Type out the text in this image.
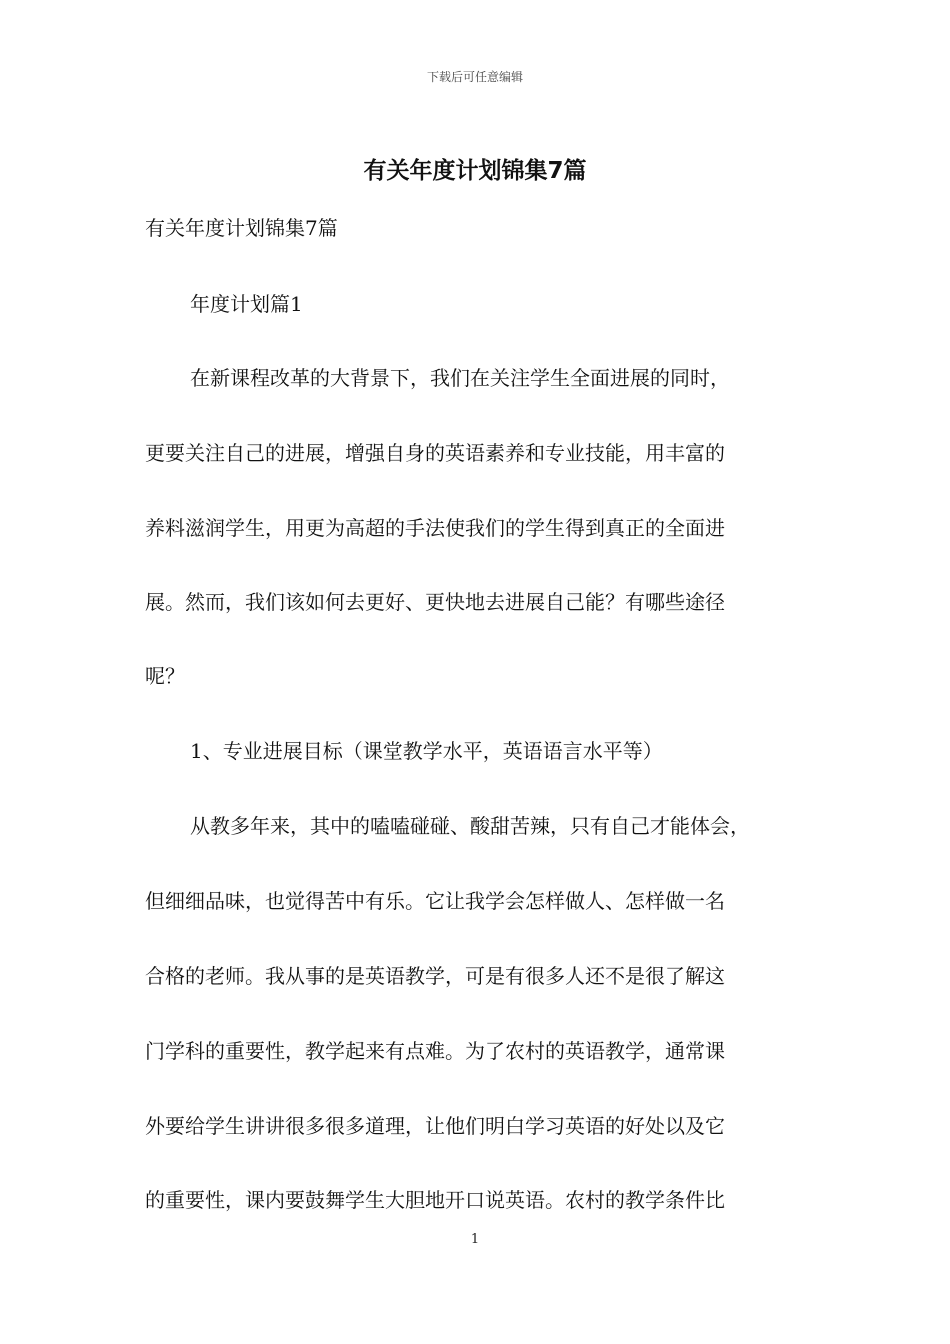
下载后可任意编辑
有关年度计划锦集7篇
有关年度计划锦集7篇
年度计划篇1
在新课程改革的大背景下，我们在关注学生全面进展的同时，
更要关注自己的进展，增强自身的英语素养和专业技能，用丰富的
养料滋润学生，用更为高超的手法使我们的学生得到真正的全面进
展。然而，我们该如何去更好、更快地去进展自己能？有哪些途径
呢？
1、专业进展目标（课堂教学水平，英语语言水平等）
从教多年来，其中的嗑嗑碰碰、酸甜苦辣，只有自己才能体会，
但细细品味，也觉得苦中有乐。它让我学会怎样做人、怎样做一名
合格的老师。我从事的是英语教学，可是有很多人还不是很了解这
门学科的重要性，教学起来有点难。为了农村的英语教学，通常课
外要给学生讲讲很多很多道理，让他们明白学习英语的好处以及它
的重要性，课内要鼓舞学生大胆地开口说英语。农村的教学条件比
1
